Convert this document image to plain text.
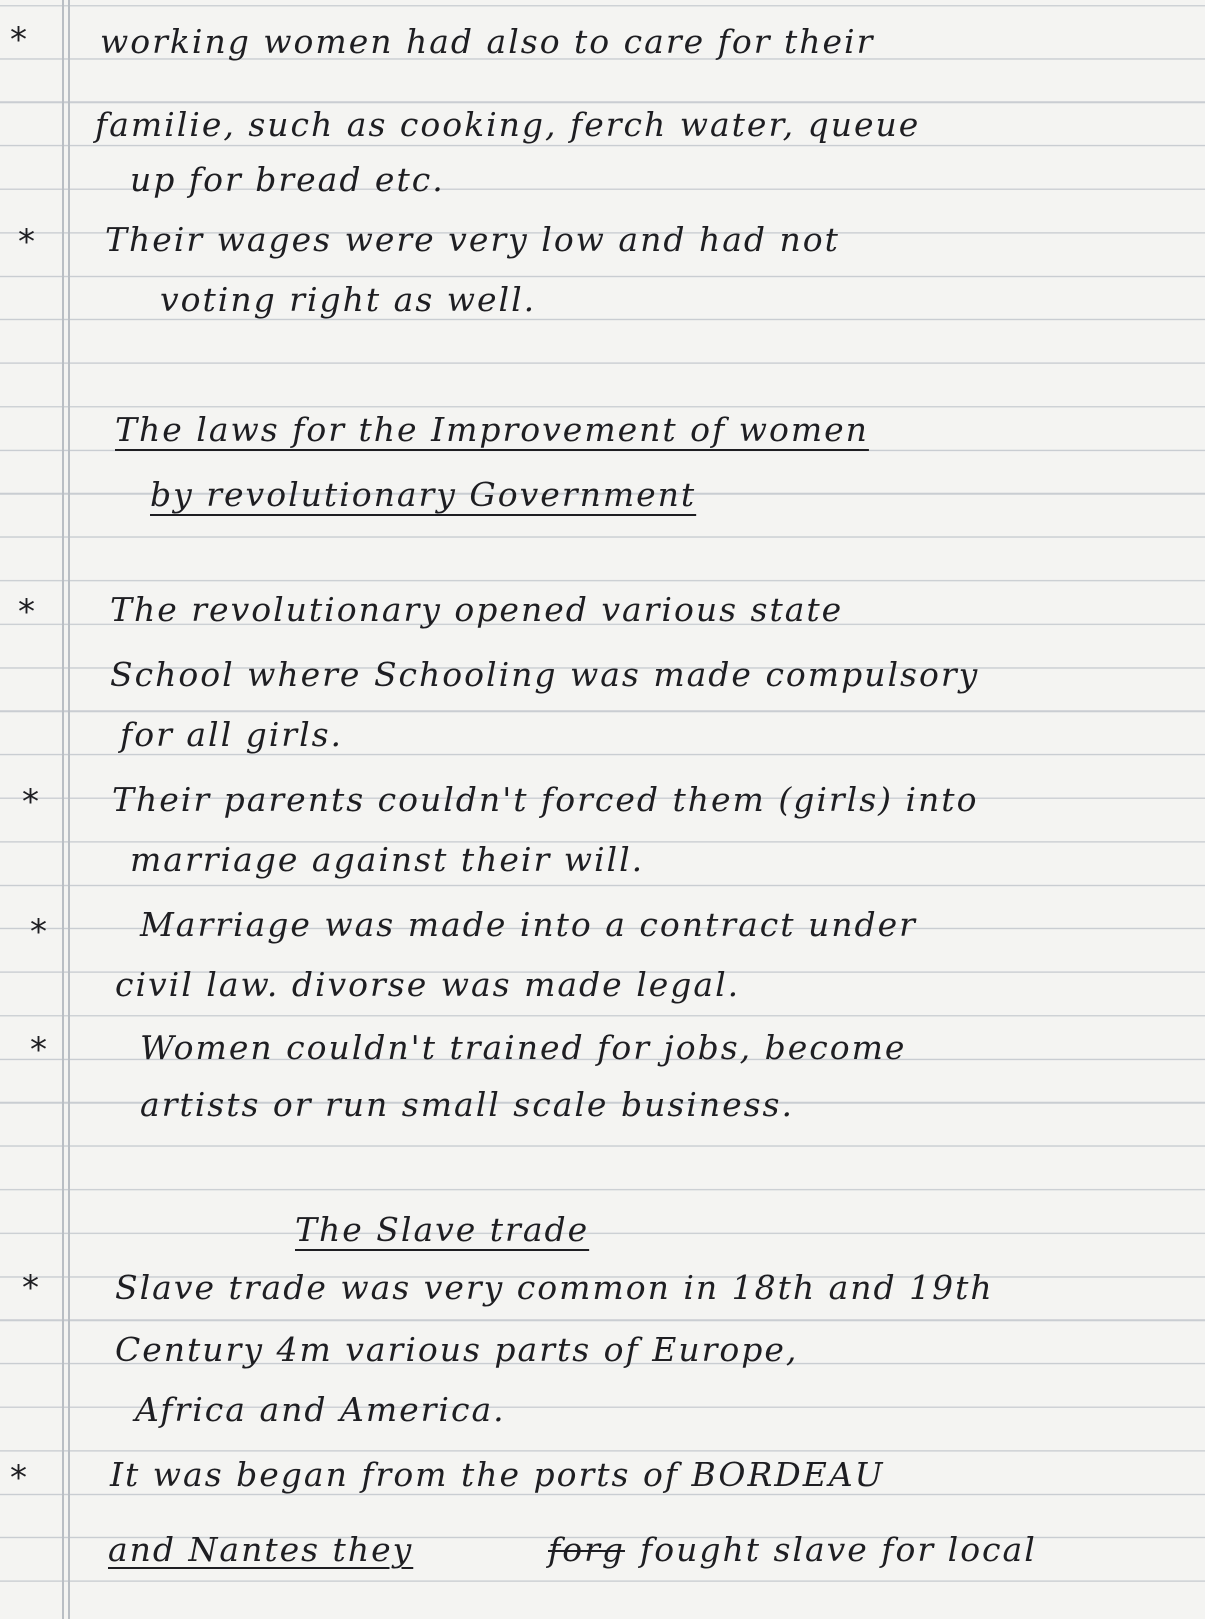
* working women had also to care for their
familie, such as cooking, ferch water, queue
up for bread etc.
* Their wages were very low and had not
voting right as well.
The laws for the Improvement of women
by revolutionary Government
* The revolutionary opened various state
School where Schooling was made compulsory
for all girls.
* Their parents couldn't forced them (girls) into
marriage against their will.
*	Marriage was made into a contract under
civil law. divorse was made legal.
*	Women couldn't trained for jobs, become
artists or run small scale business.
The Slave trade
* Slave trade was very common in 18th and 19th
Century 4m various parts of Europe,
Africa and America.
*	It was began from the ports of BORDEAU
and Nantes they	forg fought slave for local
